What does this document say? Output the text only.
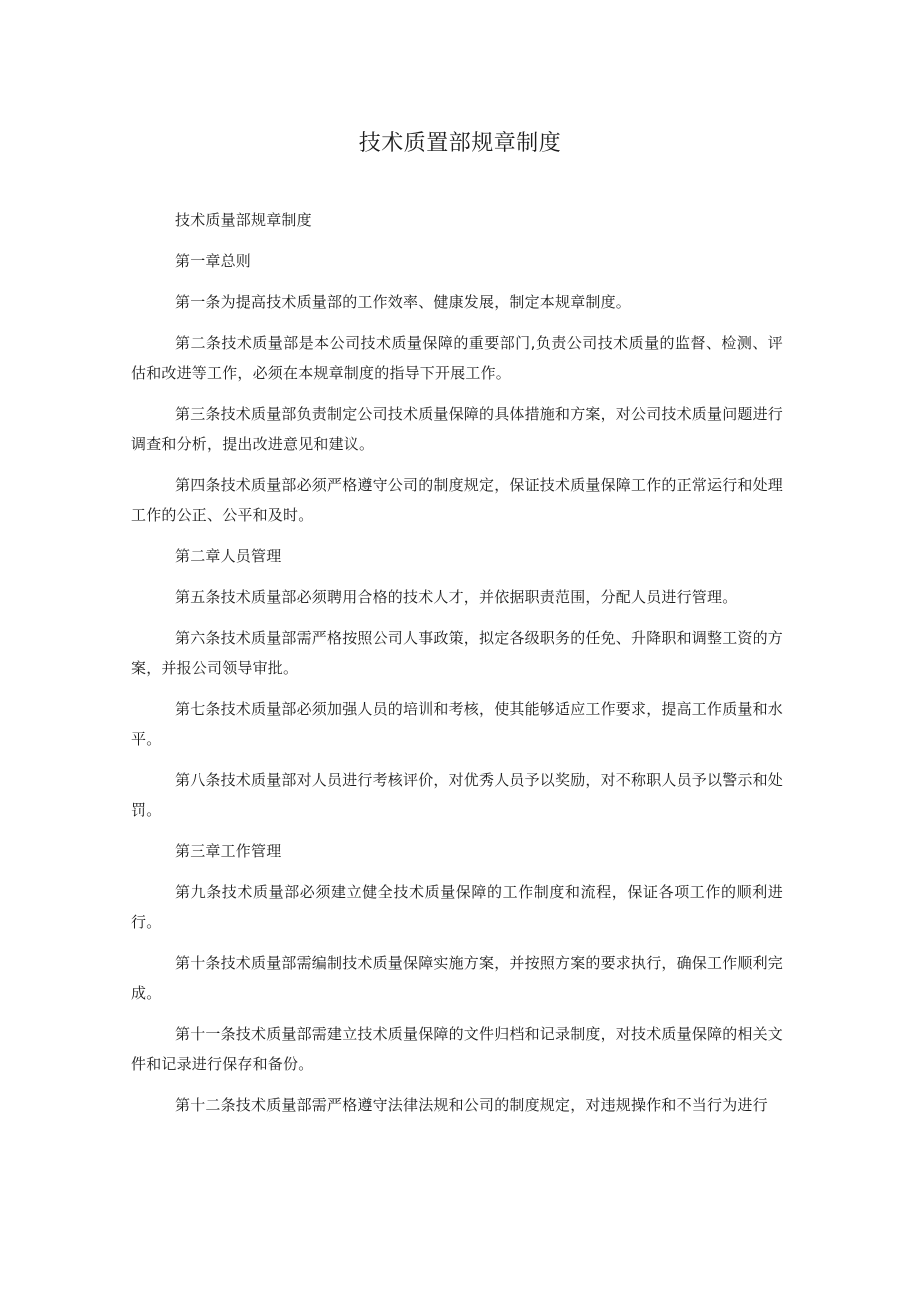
技术质置部规章制度

技术质量部规章制度

第一章总则

第一条为提高技术质量部的工作效率、健康发展，制定本规章制度。

第二条技术质量部是本公司技术质量保障的重要部门,负责公司技术质量的监督、检测、评估和改进等工作，必须在本规章制度的指导下开展工作。

第三条技术质量部负责制定公司技术质量保障的具体措施和方案，对公司技术质量问题进行调查和分析，提出改进意见和建议。

第四条技术质量部必须严格遵守公司的制度规定，保证技术质量保障工作的正常运行和处理工作的公正、公平和及时。

第二章人员管理

第五条技术质量部必须聘用合格的技术人才，并依据职责范围，分配人员进行管理。

第六条技术质量部需严格按照公司人事政策，拟定各级职务的任免、升降职和调整工资的方案，并报公司领导审批。

第七条技术质量部必须加强人员的培训和考核，使其能够适应工作要求，提高工作质量和水平。

第八条技术质量部对人员进行考核评价，对优秀人员予以奖励，对不称职人员予以警示和处罚。

第三章工作管理

第九条技术质量部必须建立健全技术质量保障的工作制度和流程，保证各项工作的顺利进行。

第十条技术质量部需编制技术质量保障实施方案，并按照方案的要求执行，确保工作顺利完成。

第十一条技术质量部需建立技术质量保障的文件归档和记录制度，对技术质量保障的相关文件和记录进行保存和备份。

第十二条技术质量部需严格遵守法律法规和公司的制度规定，对违规操作和不当行为进行
